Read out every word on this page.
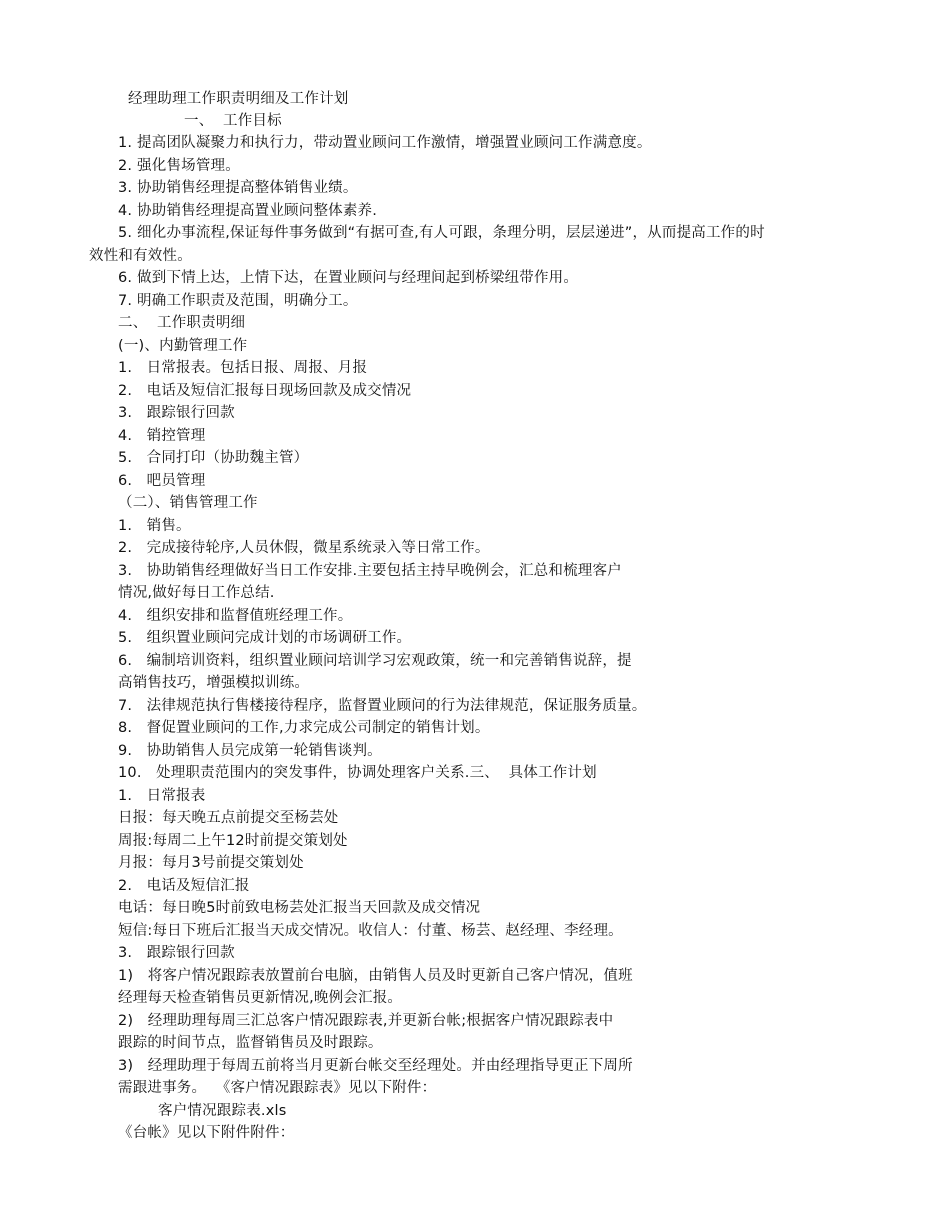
经理助理工作职责明细及工作计划
一、  工作目标
1. 提高团队凝聚力和执行力，带动置业顾问工作激情，增强置业顾问工作满意度。
2. 强化售场管理。
3. 协助销售经理提高整体销售业绩。
4. 协助销售经理提高置业顾问整体素养.
5. 细化办事流程,保证每件事务做到“有据可查,有人可跟，条理分明，层层递进”，从而提高工作的时
效性和有效性。
6. 做到下情上达，上情下达，在置业顾问与经理间起到桥梁纽带作用。
7. 明确工作职责及范围，明确分工。
二、  工作职责明细
(一)、内勤管理工作
1.   日常报表。包括日报、周报、月报
2.   电话及短信汇报每日现场回款及成交情况
3.   跟踪银行回款
4.   销控管理
5.   合同打印（协助魏主管）
6.   吧员管理
（二）、销售管理工作
1.   销售。
2.   完成接待轮序,人员休假，微星系统录入等日常工作。
3.   协助销售经理做好当日工作安排.主要包括主持早晚例会，汇总和梳理客户
情况,做好每日工作总结.
4.   组织安排和监督值班经理工作。
5.   组织置业顾问完成计划的市场调研工作。
6.   编制培训资料，组织置业顾问培训学习宏观政策，统一和完善销售说辞，提
高销售技巧，增强模拟训练。
7.   法律规范执行售楼接待程序，监督置业顾问的行为法律规范，保证服务质量。
8.   督促置业顾问的工作,力求完成公司制定的销售计划。
9.   协助销售人员完成第一轮销售谈判。
10.   处理职责范围内的突发事件，协调处理客户关系.三、  具体工作计划
1.   日常报表
日报：每天晚五点前提交至杨芸处
周报:每周二上午12时前提交策划处
月报：每月3号前提交策划处
2.   电话及短信汇报
电话：每日晚5时前致电杨芸处汇报当天回款及成交情况
短信:每日下班后汇报当天成交情况。收信人：付董、杨芸、赵经理、李经理。
3.   跟踪银行回款
1)   将客户情况跟踪表放置前台电脑，由销售人员及时更新自己客户情况，值班
经理每天检查销售员更新情况,晚例会汇报。
2)   经理助理每周三汇总客户情况跟踪表,并更新台帐;根据客户情况跟踪表中
跟踪的时间节点，监督销售员及时跟踪。
3)   经理助理于每周五前将当月更新台帐交至经理处。并由经理指导更正下周所
需跟进事务。  《客户情况跟踪表》见以下附件：
客户情况跟踪表.xls
《台帐》见以下附件附件：
